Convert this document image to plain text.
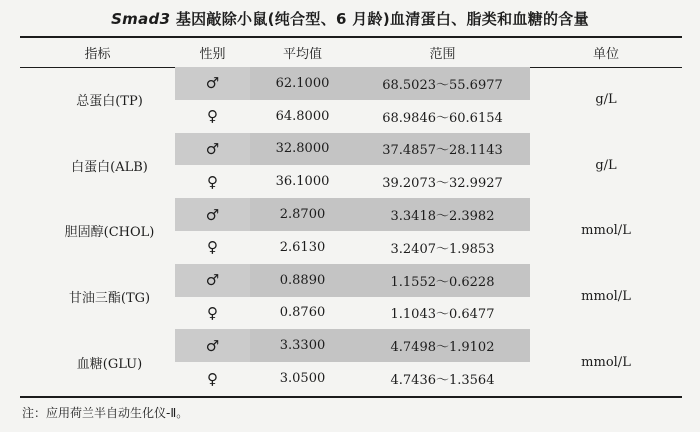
Smad3 基因敲除小鼠(纯合型、6 月龄)血清蛋白、脂类和血糖的含量
指标	性别	平均值	范围	单位
总蛋白(TP)	♂	62.1000	68.5023～55.6977	g/L
	♀	64.8000	68.9846～60.6154	
白蛋白(ALB)	♂	32.8000	37.4857～28.1143	g/L
	♀	36.1000	39.2073～32.9927	
胆固醇(CHOL)	♂	2.8700	3.3418～2.3982	mmol/L
	♀	2.6130	3.2407～1.9853	
甘油三酯(TG)	♂	0.8890	1.1552～0.6228	mmol/L
	♀	0.8760	1.1043～0.6477	
血糖(GLU)	♂	3.3300	4.7498～1.9102	mmol/L
	♀	3.0500	4.7436～1.3564	
注：应用荷兰半自动生化仪-Ⅱ。
